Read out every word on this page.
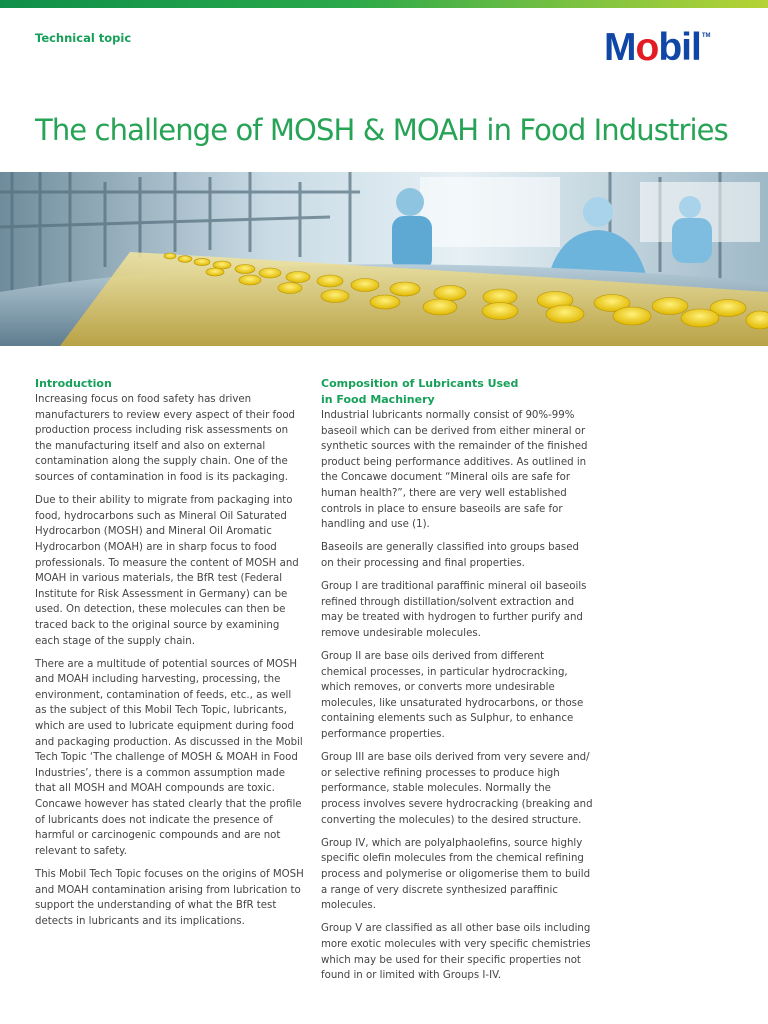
Technical topic	M o bil TM
The challenge of MOSH & MOAH in Food Industries
Introduction

Increasing focus on food safety has driven manufacturers to review every aspect of their food production process including risk assessments on the manufacturing itself and also on external contamination along the supply chain. One of the sources of contamination in food is its packaging.

Due to their ability to migrate from packaging into food, hydrocarbons such as Mineral Oil Saturated Hydrocarbon (MOSH) and Mineral Oil Aromatic Hydrocarbon (MOAH) are in sharp focus to food professionals. To measure the content of MOSH and MOAH in various materials, the BfR test (Federal Institute for Risk Assessment in Germany) can be used. On detection, these molecules can then be traced back to the original source by examining each stage of the supply chain.

There are a multitude of potential sources of MOSH and MOAH including harvesting, processing, the environment, contamination of feeds, etc., as well as the subject of this Mobil Tech Topic, lubricants, which are used to lubricate equipment during food and packaging production. As discussed in the Mobil Tech Topic ‘The challenge of MOSH & MOAH in Food Industries’, there is a common assumption made that all MOSH and MOAH compounds are toxic. Concawe however has stated clearly that the profile of lubricants does not indicate the presence of harmful or carcinogenic compounds and are not relevant to safety.

This Mobil Tech Topic focuses on the origins of MOSH and MOAH contamination arising from lubrication to support the understanding of what the BfR test detects in lubricants and its implications.

Composition of Lubricants Used
in Food Machinery

Industrial lubricants normally consist of 90%-99% baseoil which can be derived from either mineral or synthetic sources with the remainder of the finished product being performance additives. As outlined in the Concawe document “Mineral oils are safe for human health?”, there are very well established controls in place to ensure baseoils are safe for handling and use (1).

Baseoils are generally classified into groups based on their processing and final properties.

Group I are traditional paraffinic mineral oil baseoils refined through distillation/solvent extraction and may be treated with hydrogen to further purify and remove undesirable molecules.

Group II are base oils derived from different chemical processes, in particular hydrocracking, which removes, or converts more undesirable molecules, like unsaturated hydrocarbons, or those containing elements such as Sulphur, to enhance performance properties.

Group III are base oils derived from very severe and/ or selective refining processes to produce high performance, stable molecules. Normally the process involves severe hydrocracking (breaking and converting the molecules) to the desired structure.

Group IV, which are polyalphaolefins, source highly specific olefin molecules from the chemical refining process and polymerise or oligomerise them to build a range of very discrete synthesized paraffinic molecules.

Group V are classified as all other base oils including more exotic molecules with very specific chemistries which may be used for their specific properties not found in or limited with Groups I-IV.
